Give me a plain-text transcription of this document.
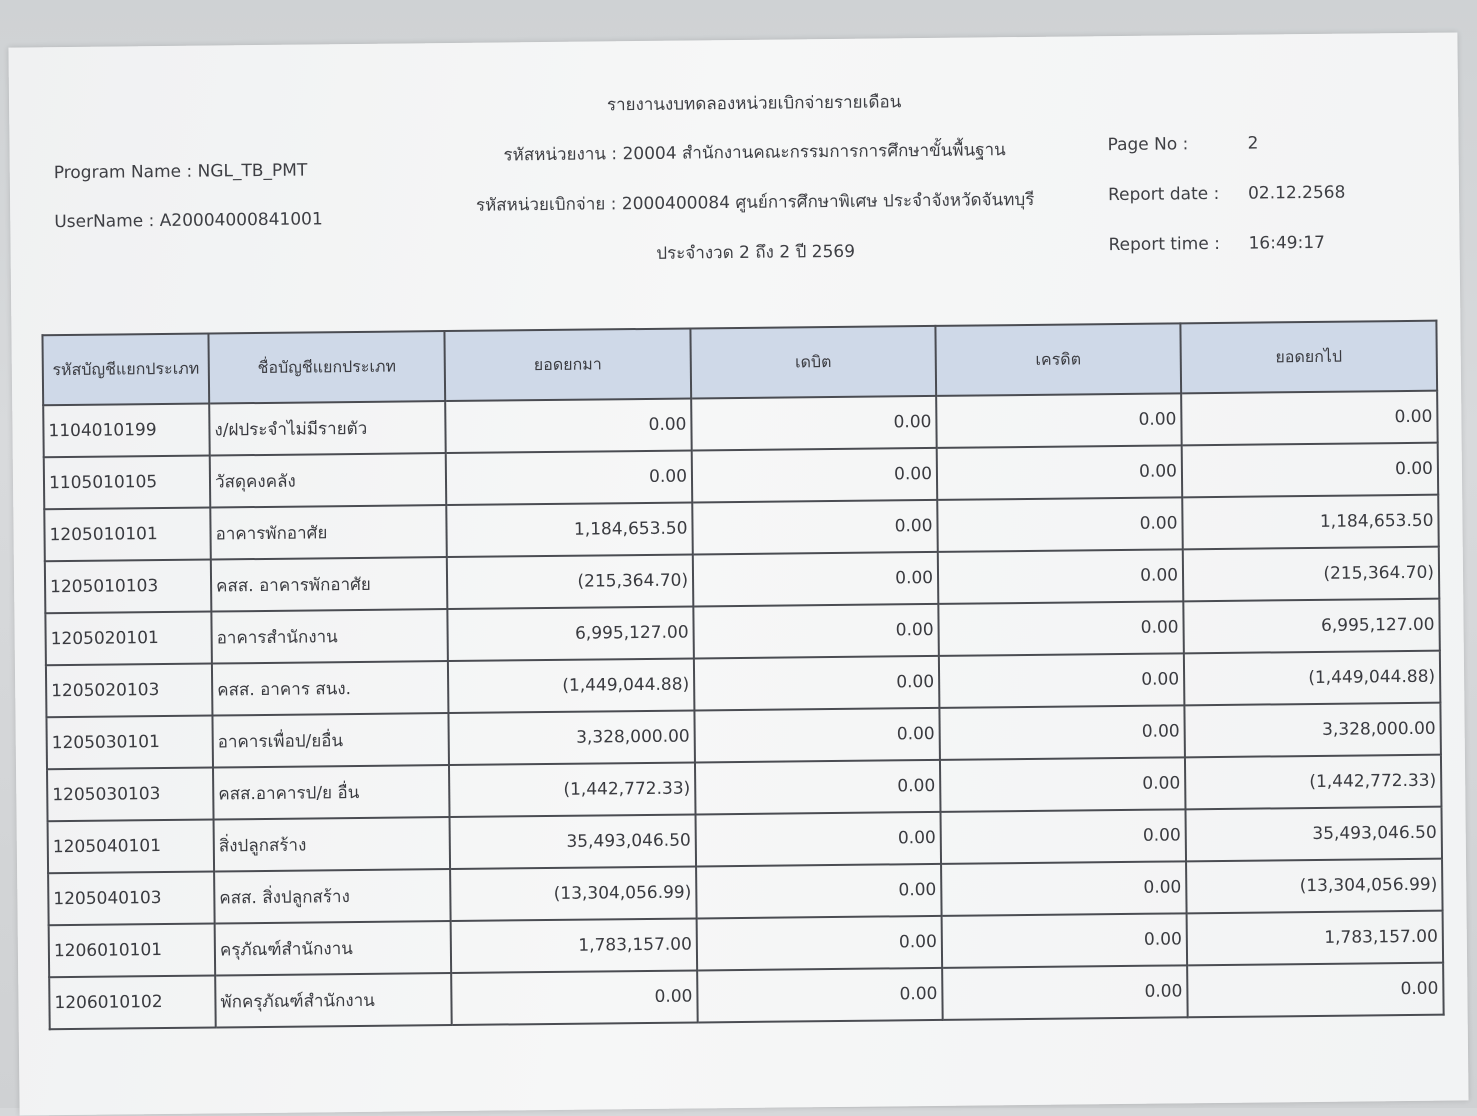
รายงานงบทดลองหน่วยเบิกจ่ายรายเดือน
Program Name : NGL_TB_PMT
UserName : A20004000841001
รหัสหน่วยงาน : 20004 สำนักงานคณะกรรมการการศึกษาขั้นพื้นฐาน
รหัสหน่วยเบิกจ่าย : 2000400084 ศูนย์การศึกษาพิเศษ ประจำจังหวัดจันทบุรี
ประจำงวด 2 ถึง 2 ปี 2569
Page No :	2
Report date : 02.12.2568
Report time : 16:49:17
รหัสบัญชีแยกประเภท	ชื่อบัญชีแยกประเภท	ยอดยกมา	เดบิต	เครดิต	ยอดยกไป
1104010199	ง/ฝประจำไม่มีรายตัว	0.00	0.00	0.00	0.00
1105010105	วัสดุคงคลัง	0.00	0.00	0.00	0.00
1205010101	อาคารพักอาศัย	1,184,653.50	0.00	0.00	1,184,653.50
1205010103	คสส. อาคารพักอาศัย	(215,364.70)	0.00	0.00	(215,364.70)
1205020101	อาคารสำนักงาน	6,995,127.00	0.00	0.00	6,995,127.00
1205020103	คสส. อาคาร สนง.	(1,449,044.88)	0.00	0.00	(1,449,044.88)
1205030101	อาคารเพื่อป/ยอื่น	3,328,000.00	0.00	0.00	3,328,000.00
1205030103	คสส.อาคารป/ย อื่น	(1,442,772.33)	0.00	0.00	(1,442,772.33)
1205040101	สิ่งปลูกสร้าง	35,493,046.50	0.00	0.00	35,493,046.50
1205040103	คสส. สิ่งปลูกสร้าง	(13,304,056.99)	0.00	0.00	(13,304,056.99)
1206010101	ครุภัณฑ์สำนักงาน	1,783,157.00	0.00	0.00	1,783,157.00
1206010102	พักครุภัณฑ์สำนักงาน	0.00	0.00	0.00	0.00
